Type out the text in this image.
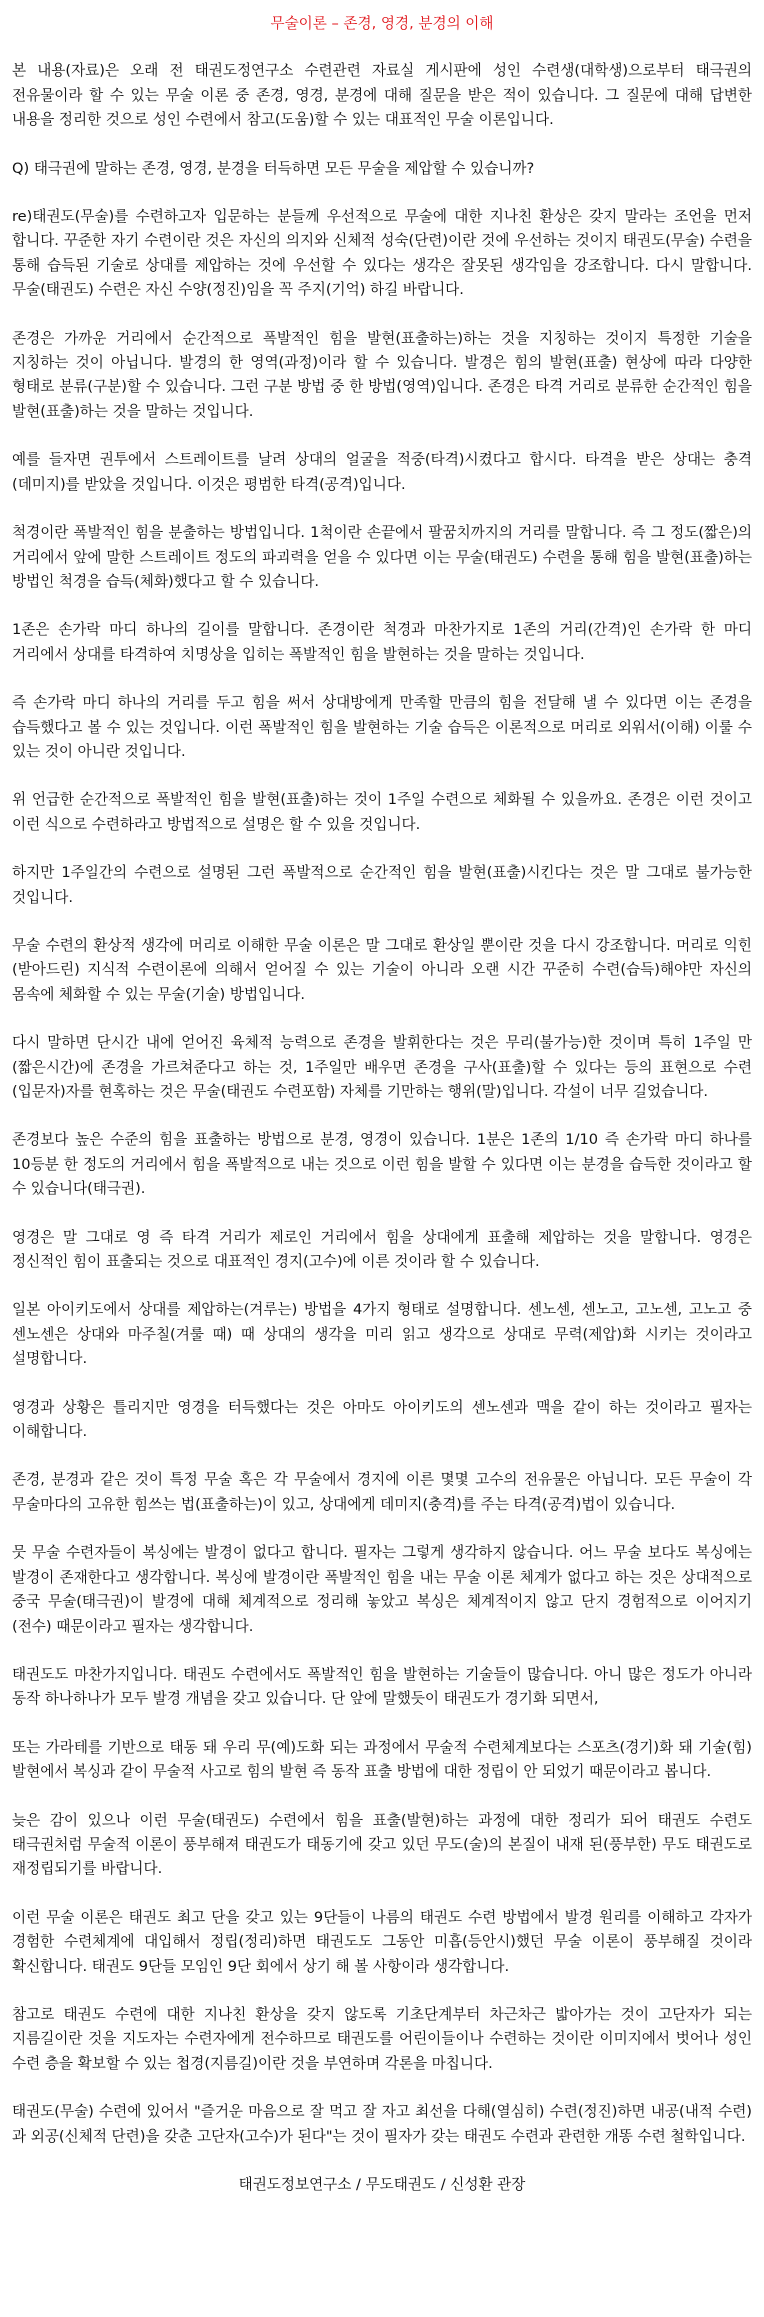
무술이론 – 존경, 영경, 분경의 이해

본 내용(자료)은 오래 전 태권도정연구소 수련관련 자료실 게시판에 성인 수련생(대학생)으로부터 태극권의 전유물이라 할 수 있는 무술 이론 중 존경, 영경, 분경에 대해 질문을 받은 적이 있습니다. 그 질문에 대해 답변한 내용을 정리한 것으로 성인 수련에서 참고(도움)할 수 있는 대표적인 무술 이론입니다.

Q) 태극권에 말하는 존경, 영경, 분경을 터득하면 모든 무술을 제압할 수 있습니까?

re)태권도(무술)를 수련하고자 입문하는 분들께 우선적으로 무술에 대한 지나친 환상은 갖지 말라는 조언을 먼저 합니다. 꾸준한 자기 수련이란 것은 자신의 의지와 신체적 성숙(단련)이란 것에 우선하는 것이지 태권도(무술) 수련을 통해 습득된 기술로 상대를 제압하는 것에 우선할 수 있다는 생각은 잘못된 생각임을 강조합니다. 다시 말합니다. 무술(태권도) 수련은 자신 수양(정진)임을 꼭 주지(기억) 하길 바랍니다.

존경은 가까운 거리에서 순간적으로 폭발적인 힘을 발현(표출하는)하는 것을 지칭하는 것이지 특정한 기술을 지칭하는 것이 아닙니다. 발경의 한 영역(과정)이라 할 수 있습니다. 발경은 힘의 발현(표출) 현상에 따라 다양한 형태로 분류(구분)할 수 있습니다. 그런 구분 방법 중 한 방법(영역)입니다. 존경은 타격 거리로 분류한 순간적인 힘을 발현(표출)하는 것을 말하는 것입니다.

예를 들자면 권투에서 스트레이트를 날려 상대의 얼굴을 적중(타격)시켰다고 합시다. 타격을 받은 상대는 충격(데미지)를 받았을 것입니다. 이것은 평범한 타격(공격)입니다.

척경이란 폭발적인 힘을 분출하는 방법입니다. 1척이란 손끝에서 팔꿈치까지의 거리를 말합니다. 즉 그 정도(짧은)의 거리에서 앞에 말한 스트레이트 정도의 파괴력을 얻을 수 있다면 이는 무술(태권도) 수련을 통해 힘을 발현(표출)하는 방법인 척경을 습득(체화)했다고 할 수 있습니다.

1존은 손가락 마디 하나의 길이를 말합니다. 존경이란 척경과 마찬가지로 1존의 거리(간격)인 손가락 한 마디 거리에서 상대를 타격하여 치명상을 입히는 폭발적인 힘을 발현하는 것을 말하는 것입니다.

즉 손가락 마디 하나의 거리를 두고 힘을 써서 상대방에게 만족할 만큼의 힘을 전달해 낼 수 있다면 이는 존경을 습득했다고 볼 수 있는 것입니다. 이런 폭발적인 힘을 발현하는 기술 습득은 이론적으로 머리로 외워서(이해) 이룰 수 있는 것이 아니란 것입니다.

위 언급한 순간적으로 폭발적인 힘을 발현(표출)하는 것이 1주일 수련으로 체화될 수 있을까요. 존경은 이런 것이고 이런 식으로 수련하라고 방법적으로 설명은 할 수 있을 것입니다.

하지만 1주일간의 수련으로 설명된 그런 폭발적으로 순간적인 힘을 발현(표출)시킨다는 것은 말 그대로 불가능한 것입니다.

무술 수련의 환상적 생각에 머리로 이해한 무술 이론은 말 그대로 환상일 뿐이란 것을 다시 강조합니다. 머리로 익힌(받아드린) 지식적 수련이론에 의해서 얻어질 수 있는 기술이 아니라 오랜 시간 꾸준히 수련(습득)해야만 자신의 몸속에 체화할 수 있는 무술(기술) 방법입니다.

다시 말하면 단시간 내에 얻어진 육체적 능력으로 존경을 발휘한다는 것은 무리(불가능)한 것이며 특히 1주일 만(짧은시간)에 존경을 가르쳐준다고 하는 것, 1주일만 배우면 존경을 구사(표출)할 수 있다는 등의 표현으로 수련(입문자)자를 현혹하는 것은 무술(태권도 수련포함) 자체를 기만하는 행위(말)입니다. 각설이 너무 길었습니다.

존경보다 높은 수준의 힘을 표출하는 방법으로 분경, 영경이 있습니다. 1분은 1존의 1/10 즉 손가락 마디 하나를 10등분 한 정도의 거리에서 힘을 폭발적으로 내는 것으로 이런 힘을 발할 수 있다면 이는 분경을 습득한 것이라고 할 수 있습니다(태극권).

영경은 말 그대로 영 즉 타격 거리가 제로인 거리에서 힘을 상대에게 표출해 제압하는 것을 말합니다. 영경은 정신적인 힘이 표출되는 것으로 대표적인 경지(고수)에 이른 것이라 할 수 있습니다.

일본 아이키도에서 상대를 제압하는(겨루는) 방법을 4가지 형태로 설명합니다. 센노센, 센노고, 고노센, 고노고 중 센노센은 상대와 마주칠(겨룰 때) 때 상대의 생각을 미리 읽고 생각으로 상대로 무력(제압)화 시키는 것이라고 설명합니다.

영경과 상황은 틀리지만 영경을 터득했다는 것은 아마도 아이키도의 센노센과 맥을 같이 하는 것이라고 필자는 이해합니다.

존경, 분경과 같은 것이 특정 무술 혹은 각 무술에서 경지에 이른 몇몇 고수의 전유물은 아닙니다. 모든 무술이 각 무술마다의 고유한 힘쓰는 법(표출하는)이 있고, 상대에게 데미지(충격)를 주는 타격(공격)법이 있습니다.

뭇 무술 수련자들이 복싱에는 발경이 없다고 합니다. 필자는 그렇게 생각하지 않습니다. 어느 무술 보다도 복싱에는 발경이 존재한다고 생각합니다. 복싱에 발경이란 폭발적인 힘을 내는 무술 이론 체계가 없다고 하는 것은 상대적으로 중국 무술(태극권)이 발경에 대해 체계적으로 정리해 놓았고 복싱은 체계적이지 않고 단지 경험적으로 이어지기(전수) 때문이라고 필자는 생각합니다.

태권도도 마찬가지입니다. 태권도 수련에서도 폭발적인 힘을 발현하는 기술들이 많습니다. 아니 많은 정도가 아니라 동작 하나하나가 모두 발경 개념을 갖고 있습니다. 단 앞에 말했듯이 태권도가 경기화 되면서,

또는 가라테를 기반으로 태동 돼 우리 무(예)도화 되는 과정에서 무술적 수련체계보다는 스포츠(경기)화 돼 기술(힘) 발현에서 복싱과 같이 무술적 사고로 힘의 발현 즉 동작 표출 방법에 대한 정립이 안 되었기 때문이라고 봅니다.

늦은 감이 있으나 이런 무술(태권도) 수련에서 힘을 표출(발현)하는 과정에 대한 정리가 되어 태권도 수련도 태극권처럼 무술적 이론이 풍부해져 태권도가 태동기에 갖고 있던 무도(술)의 본질이 내재 된(풍부한) 무도 태권도로 재정립되기를 바랍니다.

이런 무술 이론은 태권도 최고 단을 갖고 있는 9단들이 나름의 태권도 수련 방법에서 발경 원리를 이해하고 각자가 경험한 수련체계에 대입해서 정립(정리)하면 태권도도 그동안 미흡(등안시)했던 무술 이론이 풍부해질 것이라 확신합니다. 태권도 9단들 모임인 9단 회에서 상기 해 볼 사항이라 생각합니다.

참고로 태권도 수련에 대한 지나친 환상을 갖지 않도록 기초단계부터 차근차근 밟아가는 것이 고단자가 되는 지름길이란 것을 지도자는 수련자에게 전수하므로 태권도를 어린이들이나 수련하는 것이란 이미지에서 벗어나 성인 수련 층을 확보할 수 있는 첩경(지름길)이란 것을 부연하며 각론을 마칩니다.

태권도(무술) 수련에 있어서 "즐거운 마음으로 잘 먹고 잘 자고 최선을 다해(열심히) 수련(정진)하면 내공(내적 수련)과 외공(신체적 단련)을 갖춘 고단자(고수)가 된다"는 것이 필자가 갖는 태권도 수련과 관련한 개똥 수련 철학입니다.

태권도정보연구소 / 무도태권도 / 신성환 관장
